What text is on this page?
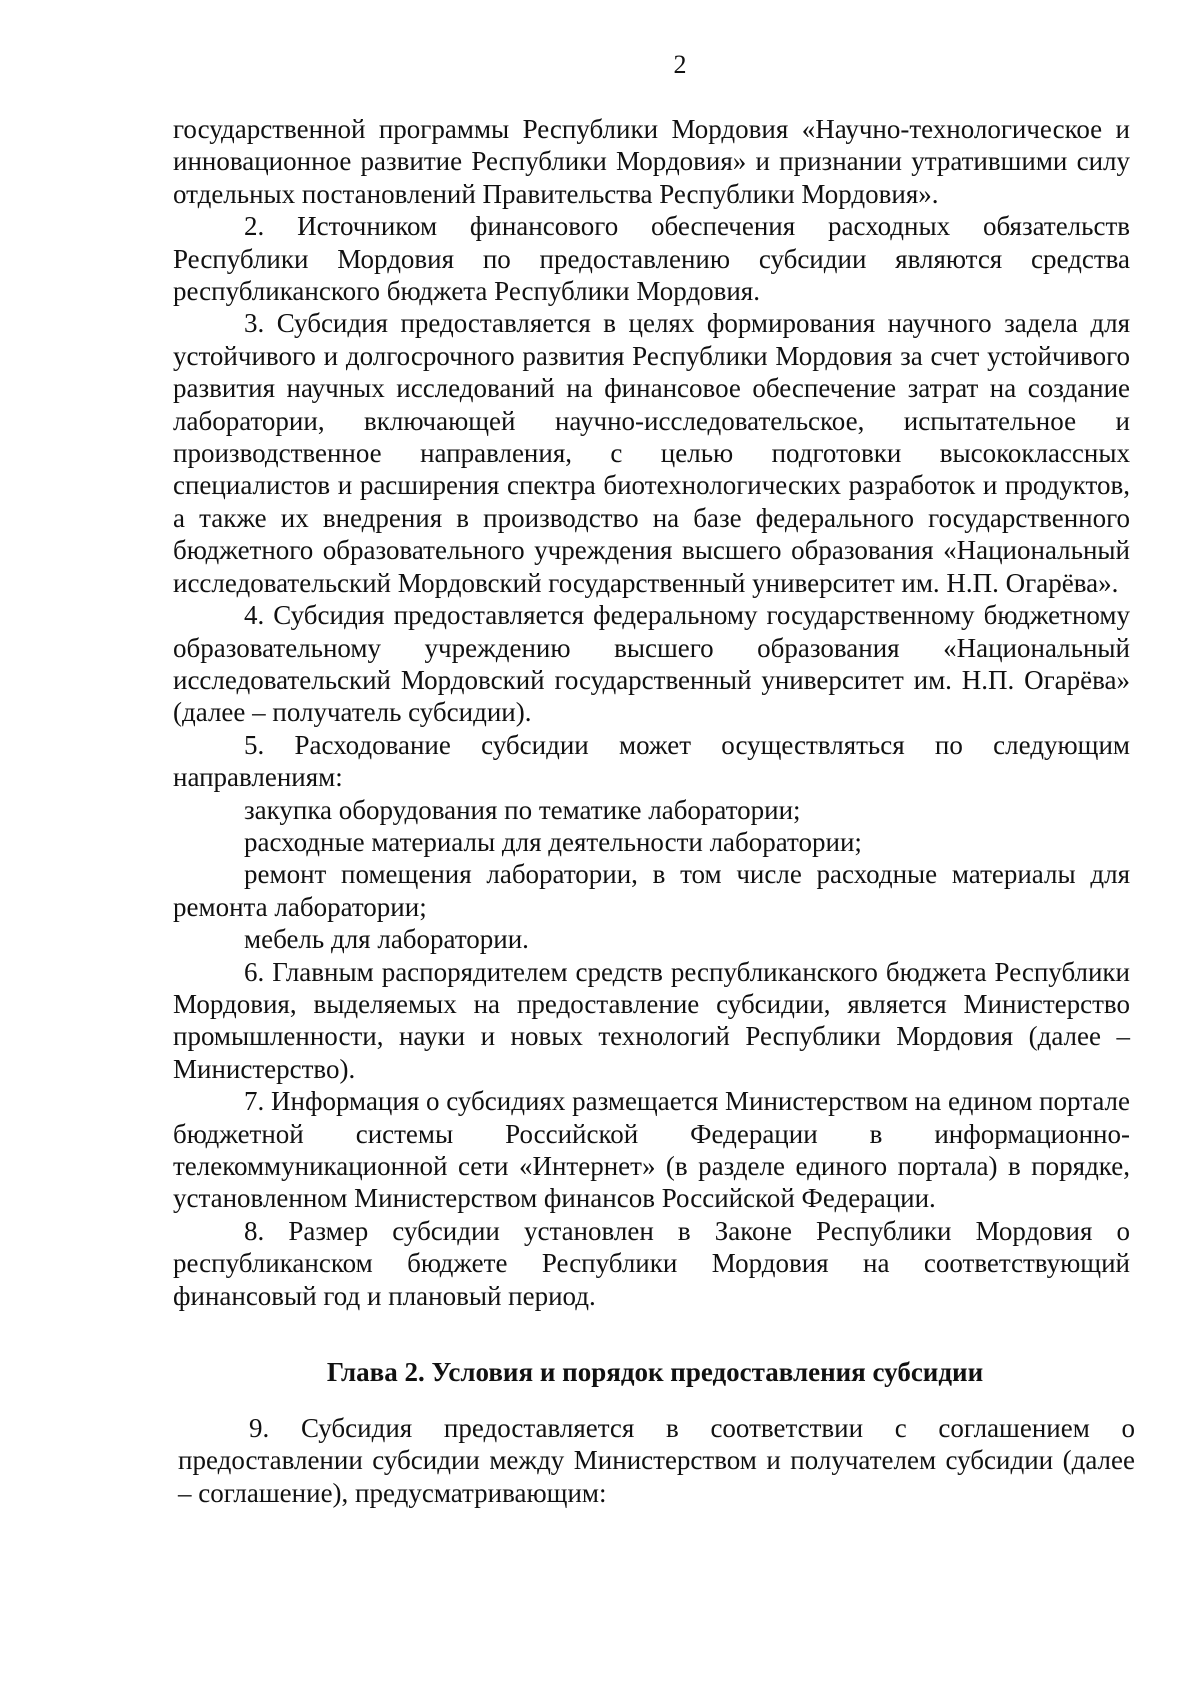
2

государственной программы Республики Мордовия «Научно-технологическое и инновационное развитие Республики Мордовия» и признании утратившими силу отдельных постановлений Правительства Республики Мордовия».

2. Источником финансового обеспечения расходных обязательств Республики Мордовия по предоставлению субсидии являются средства республиканского бюджета Республики Мордовия.

3. Субсидия предоставляется в целях формирования научного задела для устойчивого и долгосрочного развития Республики Мордовия за счет устойчивого развития научных исследований на финансовое обеспечение затрат на создание лаборатории, включающей научно-исследовательское, испытательное и производственное направления, с целью подготовки высококлассных специалистов и расширения спектра биотехнологических разработок и продуктов, а также их внедрения в производство на базе федерального государственного бюджетного образовательного учреждения высшего образования «Национальный исследовательский Мордовский государственный университет им. Н.П. Огарёва».

4. Субсидия предоставляется федеральному государственному бюджетному образовательному учреждению высшего образования «Национальный исследовательский Мордовский государственный университет им. Н.П. Огарёва» (далее – получатель субсидии).

5. Расходование субсидии может осуществляться по следующим направлениям:

закупка оборудования по тематике лаборатории;

расходные материалы для деятельности лаборатории;

ремонт помещения лаборатории, в том числе расходные материалы для ремонта лаборатории;

мебель для лаборатории.

6. Главным распорядителем средств республиканского бюджета Республики Мордовия, выделяемых на предоставление субсидии, является Министерство промышленности, науки и новых технологий Республики Мордовия (далее – Министерство).

7. Информация о субсидиях размещается Министерством на едином портале бюджетной системы Российской Федерации в информационно-телекоммуникационной сети «Интернет» (в разделе единого портала) в порядке, установленном Министерством финансов Российской Федерации.

8. Размер субсидии установлен в Законе Республики Мордовия о республиканском бюджете Республики Мордовия на соответствующий финансовый год и плановый период.

Глава 2. Условия и порядок предоставления субсидии

9. Субсидия предоставляется в соответствии с соглашением о предоставлении субсидии между Министерством и получателем субсидии (далее – соглашение), предусматривающим:
